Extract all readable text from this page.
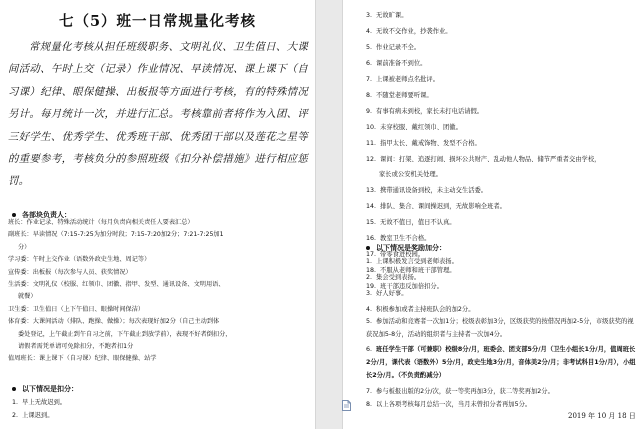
七（5）班一日常规量化考核
常规量化考核从担任班级职务、文明礼仪、卫生值日、大课间活动、午时上交（记录）作业情况、早读情况、课上课下（自习课）纪律、眼保健操、出板报等方面进行考核，有的特殊情况另计。每月统计一次，并进行汇总。考核靠前者将作为入团、评三好学生、优秀学生、优秀班干部、优秀团干部以及莲花之星等的重要参考，考核负分的参照班级《扣分补偿措施》进行相应惩罚。
各部块负责人：
班长：作业记录、特殊活动统计（每月负责向相关责任人要表汇总）
副班长：早读情况（7:15-7:25为加分时段；7:15-7:20加2分；7:21-7:25加1
分）
学习委：午时上交作业（语数外政史生地、周记等）
宣传委：出板报（每次参与人员、获奖情况）
生活委：文明礼仪（校服、红领巾、团徽、指甲、发型、通讯设备、文明用语、
就餐）
卫生委：卫生值日（上下午值日、眼操时间保洁）
体育委：大课间活动（排队、跑操、做操）；每次表现好加2分（自己主动到体
委处登记，上午截止到午自习之前，下午截止到放学前），表现不好者倒扣分，
请假者需凭单请可免除扣分，不跑者扣1分
值周班长：课上课下（自习课）纪律、眼保健操、站学
以下情况是扣分：
1.  早上无故迟到。
2.  上课迟到。
3. 无故旷课。
4. 无故不交作业，抄袭作业。
5. 作业记录不全。
6. 课前准备不到位。
7. 上课被老师点名批评。
8. 不随堂老师要听课。
9. 有事有病未到校，家长未打电话请假。
10. 未穿校服、戴红领巾、团徽。
11. 指甲太长、戴戒饰物、发型不合格。
12. 课间：打架、追逐打闹、损坏公共财产、乱动他人物品、储节严重者交由学校，
家长或公安机关处理。
13. 携带通讯设备到校，未主动交生活委。
14. 排队、集合、课间操迟到，无故影响全班者。
15. 无故不值日，值日不认真。
16. 教室卫生不合格。
17. 带零食进校园。
18. 不服从老师和班干部管理。
19. 班干部违反加倍扣分。
以下情况是奖励加分：
1. 上课积极发言受到老师表扬。
2. 集会受到表扬。
3. 好人好事。
4. 积极参加或者主持班队会的加2分。
5. 参加活动和竞赛者一次加1分；校级表彰加3分，区级获奖的按借况再加2-5分，市级获奖的视获况加5-8分，活动的组织者与主持者一次加4分。
6. 班任学生干部（可兼职）校级8分/月，班委会、团支部5分/月（卫生小组长1分/月，值周班长2分/月，课代表（语数外）5分/月，政史生地3分/月，音体美2分/月；非考试科目1分/月），小组长2分/月。（不负责酌减分）
7. 参与板报出版的2分/次，获一等奖再加3分，获二等奖再加2分。
8. 以上各项考核每月总结一次，当月未曾扣分者再加5分。
2019 年 10 月 18 日
